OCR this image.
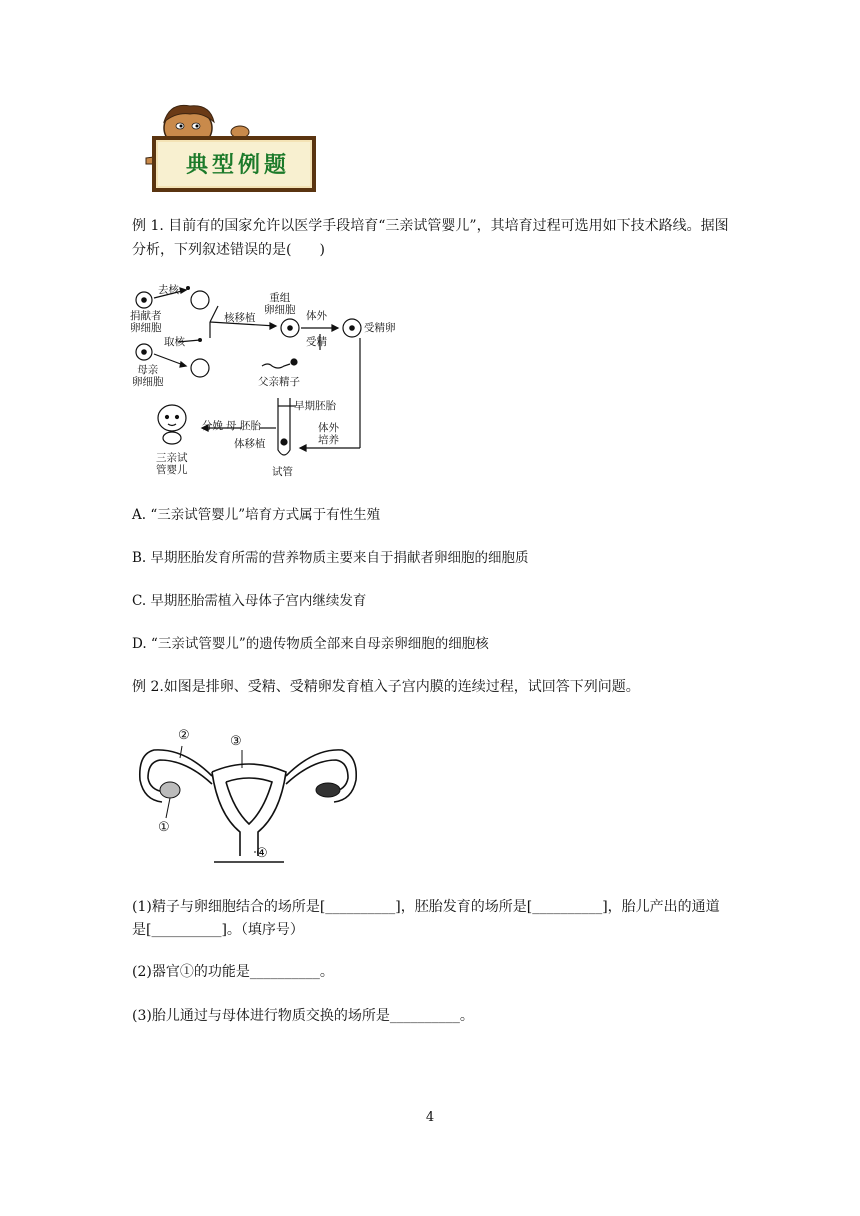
典型例题
例 1. 目前有的国家允许以医学手段培育“三亲试管婴儿”，其培育过程可选用如下技术路线。据图分析，下列叙述错误的是(　　)
去核
捐献者
卵细胞
取核
母亲
卵细胞
核移植
重组
卵细胞 体外
受精
受精卵
父亲精子
早期胚胎
体外
培养
试管
母 胚胎
体移植
分娩
三亲试
管婴儿
A. “三亲试管婴儿”培育方式属于有性生殖
B. 早期胚胎发育所需的营养物质主要来自于捐献者卵细胞的细胞质
C. 早期胚胎需植入母体子宫内继续发育
D. “三亲试管婴儿”的遗传物质全部来自母亲卵细胞的细胞核
例 2.如图是排卵、受精、受精卵发育植入子宫内膜的连续过程，试回答下列问题。
①
②	③
④
(1)精子与卵细胞结合的场所是[__________]，胚胎发育的场所是[__________]，胎儿产出的通道是[__________]。（填序号）
(2)器官①的功能是__________。
(3)胎儿通过与母体进行物质交换的场所是__________。
4
